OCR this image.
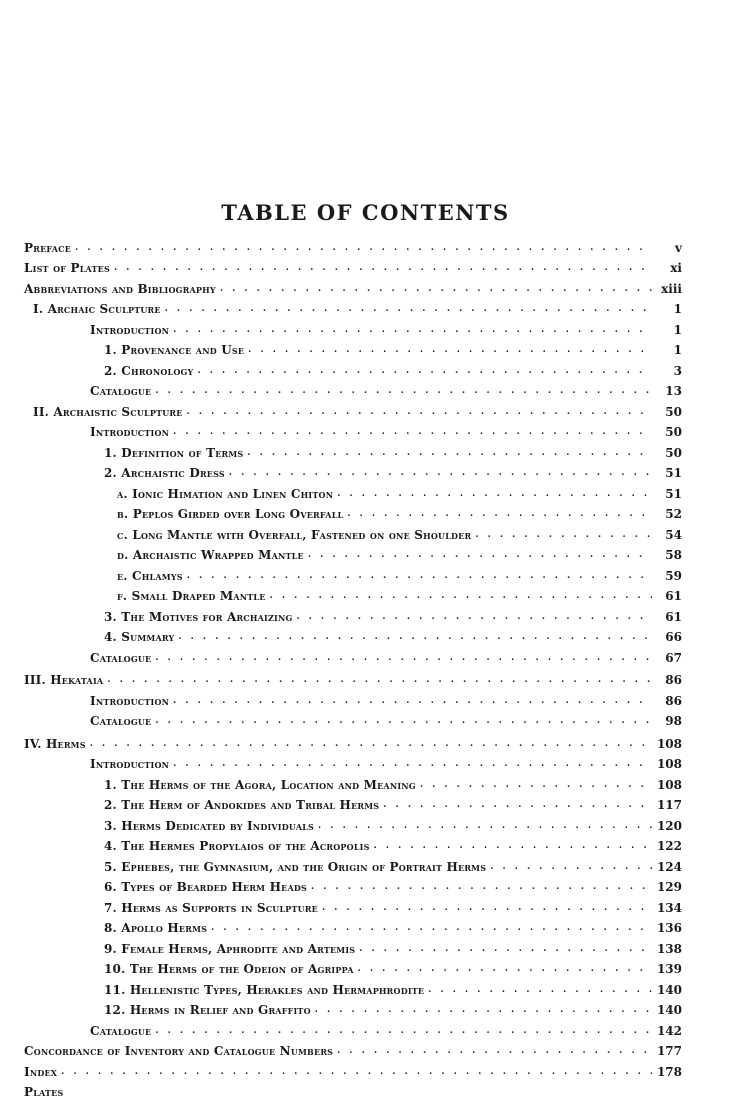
TABLE OF CONTENTS
Preface . . .	v
List of Plates . . .	xi
Abbreviations and Bibliography . . .	xiii
I. Archaic Sculpture . . .	1
Introduction . . .	1
1. Provenance and Use . . .	1
2. Chronology . . .	3
Catalogue . . .	13
II. Archaistic Sculpture . . .	50
Introduction . . .	50
1. Definition of Terms . . .	50
2. Archaistic Dress . . .	51
a. Ionic Himation and Linen Chiton . . .	51
b. Peplos Girded over Long Overfall . . .	52
c. Long Mantle with Overfall, Fastened on one Shoulder . . .	54
d. Archaistic Wrapped Mantle . . .	58
e. Chlamys . . .	59
f. Small Draped Mantle . . .	61
3. The Motives for Archaizing . . .	61
4. Summary . . .	66
Catalogue . . .	67
III. Hekataia . . .	86
Introduction . . .	86
Catalogue . . .	98
IV. Herms . . .	108
Introduction . . .	108
1. The Herms of the Agora, Location and Meaning . . .	108
2. The Herm of Andokides and Tribal Herms . . .	117
3. Herms Dedicated by Individuals . . .	120
4. The Hermes Propylaios of the Acropolis . . .	122
5. Ephebes, the Gymnasium, and the Origin of Portrait Herms . . .	124
6. Types of Bearded Herm Heads . . .	129
7. Herms as Supports in Sculpture . . .	134
8. Apollo Herms . . .	136
9. Female Herms, Aphrodite and Artemis . . .	138
10. The Herms of the Odeion of Agrippa . . .	139
11. Hellenistic Types, Herakles and Hermaphrodite . . .	140
12. Herms in Relief and Graffito . . .	140
Catalogue . . .	142
Concordance of Inventory and Catalogue Numbers . . .	177
Index . . .	178
Plates
